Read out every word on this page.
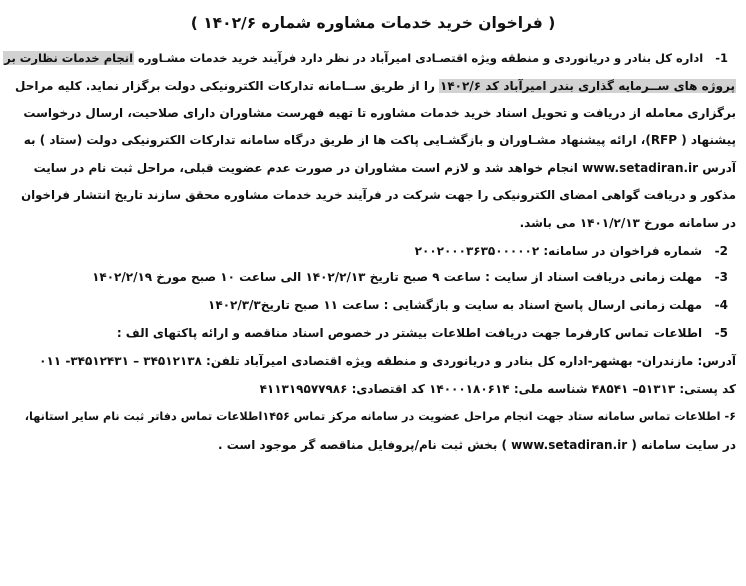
( فراخوان خرید خدمات مشاوره شماره ۱۴۰۲/۶ )
1-   اداره کل بنادر و دریانوردی و منطقه ویژه اقتصـادی امیرآباد در نظر دارد فرآیند خرید خدمات مشـاوره انجام خدمات نظارت بر
پروژه های ســرمایه گذاری بندر امیرآباد کد ۱۴۰۲/۶ را از طریق ســامانه تدارکات الکترونیکی دولت برگزار نماید. کلیه مراحل
برگزاری معامله از دریافت و تحویل اسناد خرید خدمات مشاوره تا تهیه فهرست مشاوران دارای صلاحیت، ارسال درخواست
پیشنهاد ( RFP)، ارائه پیشنهاد مشـاوران و بازگشـایی پاکت ها از طریق درگاه سامانه تدارکات الکترونیکی دولت (ستاد ) به
آدرس www.setadiran.ir انجام خواهد شد و لازم است مشاوران در صورت عدم عضویت قبلی، مراحل ثبت نام در سایت
مذکور و دریافت گواهی امضای الکترونیکی را جهت شرکت در فرآیند خرید خدمات مشاوره محقق سازند تاریخ انتشار فراخوان
در سامانه مورخ ۱۴۰۱/۲/۱۳ می باشد.
2-   شماره فراخوان در سامانه: ۲۰۰۲۰۰۰۳۶۳۵۰۰۰۰۰۲
3-   مهلت زمانی دریافت اسناد از سایت : ساعت ۹ صبح تاریخ ۱۴۰۲/۲/۱۳ الی ساعت ۱۰ صبح مورخ ۱۴۰۲/۲/۱۹
4-   مهلت زمانی ارسال پاسخ اسناد به سایت و بازگشایی : ساعت ۱۱ صبح تاریخ۱۴۰۲/۳/۳
5-   اطلاعات تماس کارفرما جهت دریافت اطلاعات بیشتر در خصوص اسناد مناقصه و ارائه پاکتهای الف :
آدرس: مازندران- بهشهر-اداره کل بنادر و دریانوردی و منطقه ویژه اقتصادی امیرآباد تلفن: ۳۴۵۱۲۱۳۸ – ۳۴۵۱۲۴۳۱- ۰۱۱
کد پستی: ۵۱۳۱۳– ۴۸۵۴۱ شناسه ملی: ۱۴۰۰۰۱۸۰۶۱۴ کد اقتصادی: ۴۱۱۳۱۹۵۷۷۹۸۶
۶- اطلاعات تماس سامانه ستاد جهت انجام مراحل عضویت در سامانه مرکز تماس ۱۴۵۶اطلاعات تماس دفاتر ثبت نام سایر استانها،
در سایت سامانه ( www.setadiran.ir ) بخش ثبت نام/پروفایل مناقصه گر موجود است .
